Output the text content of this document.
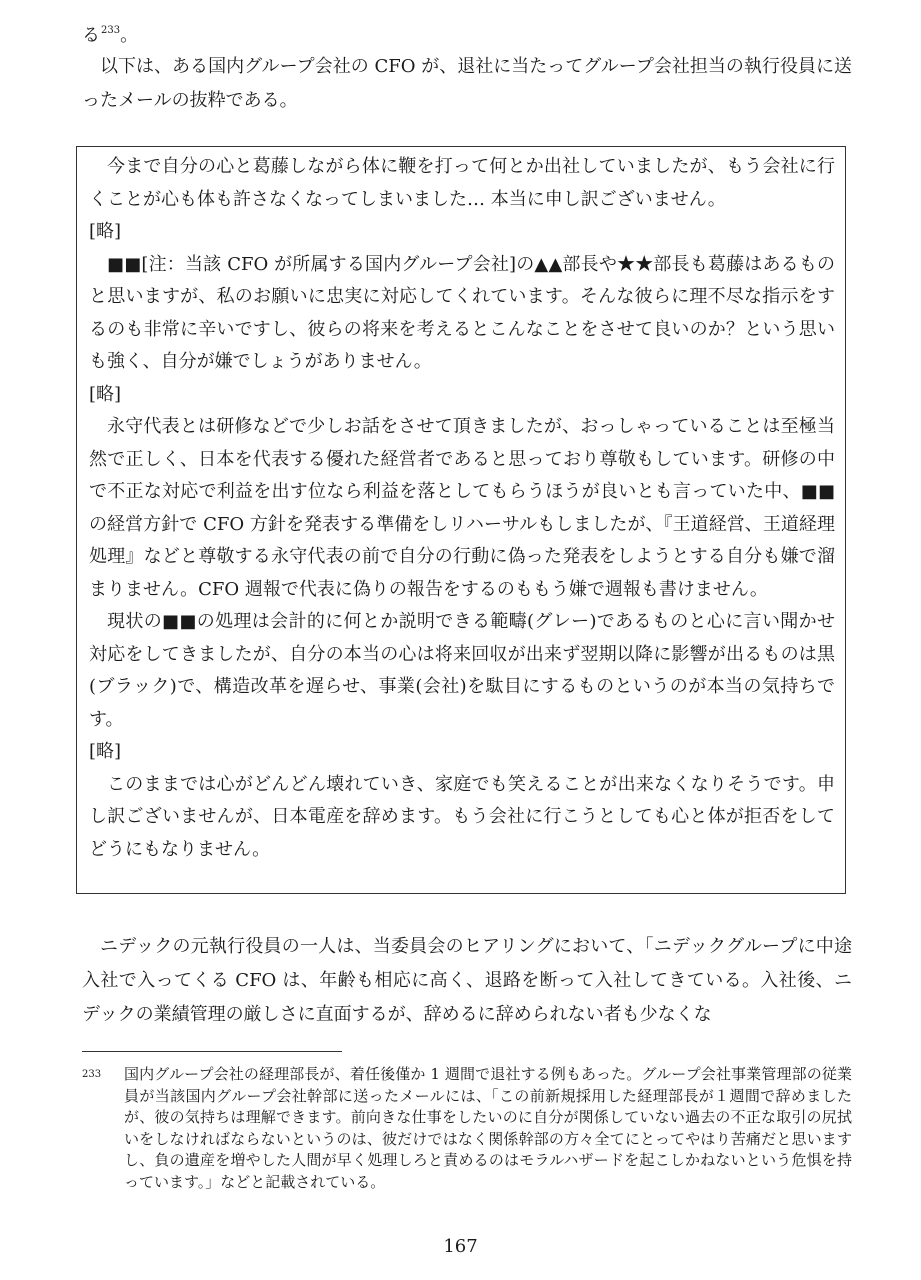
る$^{233}$。

以下は、ある国内グループ会社の CFO が、退社に当たってグループ会社担当の執行役員に送ったメールの抜粋である。

今まで自分の心と葛藤しながら体に鞭を打って何とか出社していましたが、もう会社に行くことが心も体も許さなくなってしまいました… 本当に申し訳ございません。

[略]

■■[注：当該 CFO が所属する国内グループ会社]の▲▲部長や★★部長も葛藤はあるものと思いますが、私のお願いに忠実に対応してくれています。そんな彼らに理不尽な指示をするのも非常に辛いですし、彼らの将来を考えるとこんなことをさせて良いのか？という思いも強く、自分が嫌でしょうがありません。

[略]

永守代表とは研修などで少しお話をさせて頂きましたが、おっしゃっていることは至極当然で正しく、日本を代表する優れた経営者であると思っており尊敬もしています。研修の中で不正な対応で利益を出す位なら利益を落としてもらうほうが良いとも言っていた中、■■の経営方針で CFO 方針を発表する準備をしリハーサルもしましたが、『王道経営、王道経理処理』などと尊敬する永守代表の前で自分の行動に偽った発表をしようとする自分も嫌で溜まりません。CFO 週報で代表に偽りの報告をするのももう嫌で週報も書けません。

現状の■■の処理は会計的に何とか説明できる範疇(グレー)であるものと心に言い聞かせ対応をしてきましたが、自分の本当の心は将来回収が出来ず翌期以降に影響が出るものは黒(ブラック)で、構造改革を遅らせ、事業(会社)を駄目にするものというのが本当の気持ちです。

[略]

このままでは心がどんどん壊れていき、家庭でも笑えることが出来なくなりそうです。申し訳ございませんが、日本電産を辞めます。もう会社に行こうとしても心と体が拒否をしてどうにもなりません。

ニデックの元執行役員の一人は、当委員会のヒアリングにおいて、「ニデックグループに中途入社で入ってくる CFO は、年齢も相応に高く、退路を断って入社してきている。入社後、ニデックの業績管理の厳しさに直面するが、辞めるに辞められない者も少なくな

233 国内グループ会社の経理部長が、着任後僅か 1 週間で退社する例もあった。グループ会社事業管理部の従業員が当該国内グループ会社幹部に送ったメールには、「この前新規採用した経理部長が１週間で辞めましたが、彼の気持ちは理解できます。前向きな仕事をしたいのに自分が関係していない過去の不正な取引の尻拭いをしなければならないというのは、彼だけではなく関係幹部の方々全てにとってやはり苦痛だと思いますし、負の遺産を増やした人間が早く処理しろと責めるのはモラルハザードを起こしかねないという危惧を持っています。」などと記載されている。
167
